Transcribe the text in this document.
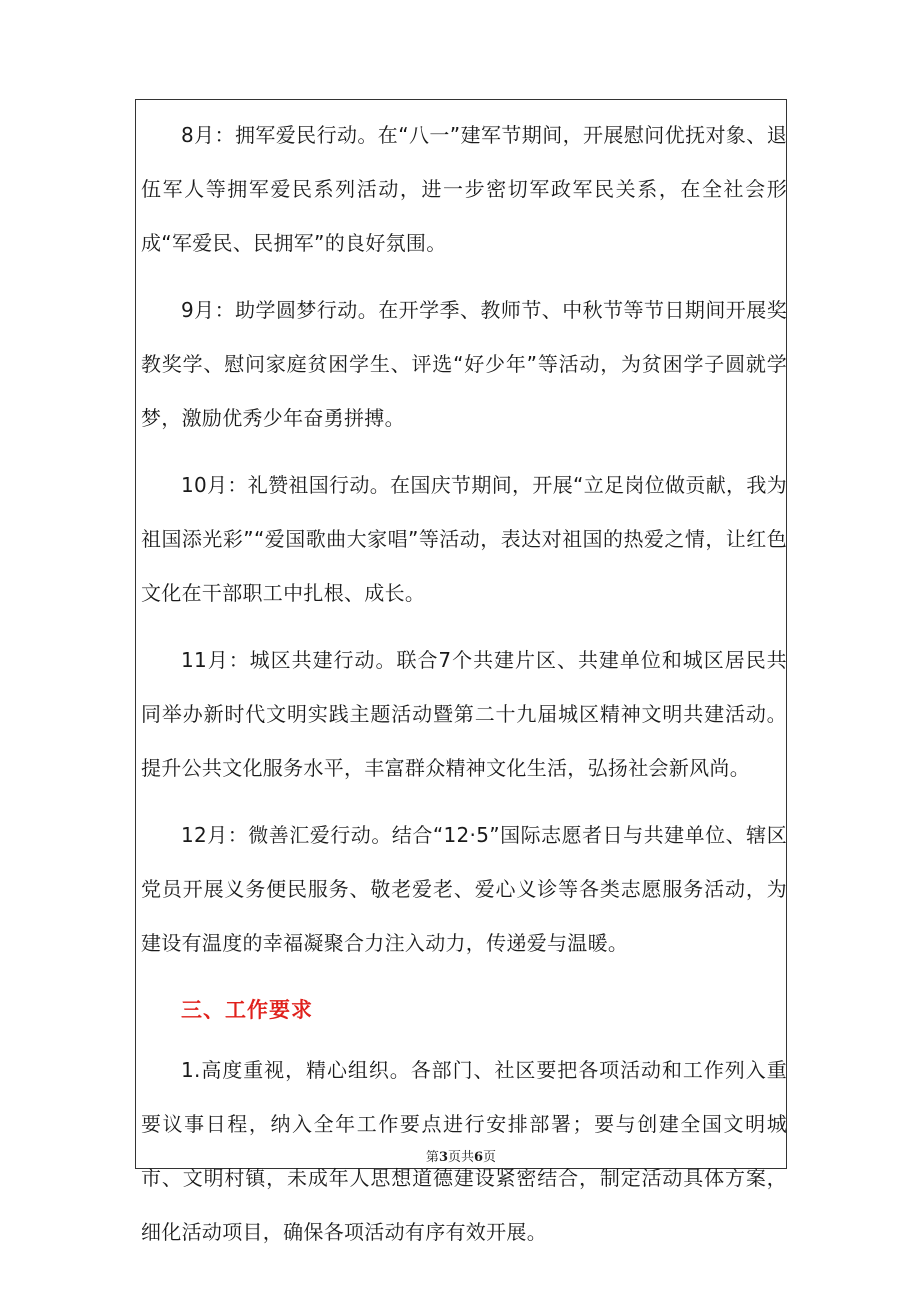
8月：拥军爱民行动。在“八一”建军节期间，开展慰问优抚对象、退伍军人等拥军爱民系列活动，进一步密切军政军民关系，在全社会形成“军爱民、民拥军”的良好氛围。

9月：助学圆梦行动。在开学季、教师节、中秋节等节日期间开展奖教奖学、慰问家庭贫困学生、评选“好少年”等活动，为贫困学子圆就学梦，激励优秀少年奋勇拼搏。

10月：礼赞祖国行动。在国庆节期间，开展“立足岗位做贡献，我为祖国添光彩”“爱国歌曲大家唱”等活动，表达对祖国的热爱之情，让红色文化在干部职工中扎根、成长。

11月：城区共建行动。联合7个共建片区、共建单位和城区居民共同举办新时代文明实践主题活动暨第二十九届城区精神文明共建活动。提升公共文化服务水平，丰富群众精神文化生活，弘扬社会新风尚。

12月：微善汇爱行动。结合“12·5”国际志愿者日与共建单位、辖区党员开展义务便民服务、敬老爱老、爱心义诊等各类志愿服务活动，为建设有温度的幸福凝聚合力注入动力，传递爱与温暖。

三、工作要求

1.高度重视，精心组织。各部门、社区要把各项活动和工作列入重要议事日程，纳入全年工作要点进行安排部署；要与创建全国文明城市、文明村镇，未成年人思想道德建设紧密结合，制定活动具体方案，细化活动项目，确保各项活动有序有效开展。

第3页共6页
